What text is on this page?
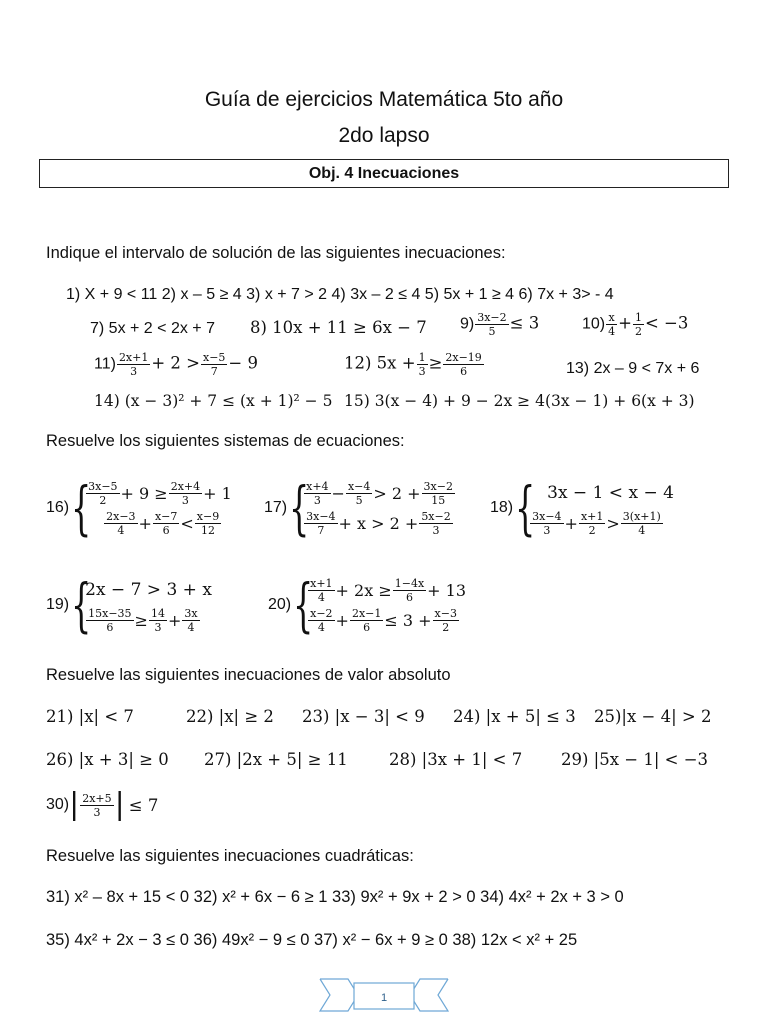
Guía de ejercicios Matemática 5to año
2do lapso
Obj. 4 Inecuaciones
Indique el intervalo de solución de las siguientes inecuaciones:
1) X + 9 < 11 2) x – 5 ≥ 4 3) x + 7 > 2 4) 3x – 2 ≤ 4 5) 5x + 1 ≥ 4 6) 7x + 3> - 4
7) 5x + 2 < 2x + 7 8) 10x + 11 ≥ 6x − 7 $9) \frac{3x-2}{5} \le 3$	$10) \frac{x}{4} + \frac{1}{2} < -3$
$11) \frac{2x+1}{3} + 2 > \frac{x-5}{7} - 9$	12) $5x + \frac{1}{3} \ge \frac{2x-19}{6}$	13) 2x – 9 < 7x + 6
14) (x − 3)² + 7 ≤ (x + 1)² − 5 15) 3(x − 4) + 9 − 2x ≥ 4(3x − 1) + 6(x + 3)
Resuelve los siguientes sistemas de ecuaciones:
16) {
$\frac{3x-5}{2} + 9 \ge \frac{2x+4}{3} + 1$
$\frac{2x-3}{4} + \frac{x-7}{6} < \frac{x-9}{12}$
17) {
$\frac{x+4}{3} - \frac{x-4}{5} > 2 + \frac{3x-2}{15}$
$\frac{3x-4}{7} + x > 2 + \frac{5x-2}{3}$
18) { 3x − 1 < x − 4
$\frac{3x-4}{3} + \frac{x+1}{2} > \frac{3(x+1)}{4}$
19) {
2x − 7 > 3 + x
$\frac{15x-35}{6} \ge \frac{14}{3} + \frac{3x}{4}$
20) {
$\frac{x+1}{4} + 2x \ge \frac{1-4x}{6} + 13$
$\frac{x-2}{4} + \frac{2x-1}{6} \le 3 + \frac{x-3}{2}$
Resuelve las siguientes inecuaciones de valor absoluto
21) |x| < 7	22) |x| ≥ 2 23) |x − 3| < 9 24) |x + 5| ≤ 3 25)|x − 4| > 2
26) |x + 3| ≥ 0 27) |2x + 5| ≥ 11	28) |3x + 1| < 7 29) |5x − 1| < −3
30) | $\frac{2x+5}{3}$ | ≤ 7
Resuelve las siguientes inecuaciones cuadráticas:
31) x² – 8x + 15 < 0 32) x² + 6x − 6 ≥ 1 33) 9x² + 9x + 2 > 0 34) 4x² + 2x + 3 > 0
35) 4x² + 2x − 3 ≤ 0 36) 49x² − 9 ≤ 0 37) x² − 6x + 9 ≥ 0 38) 12x < x² + 25
1
